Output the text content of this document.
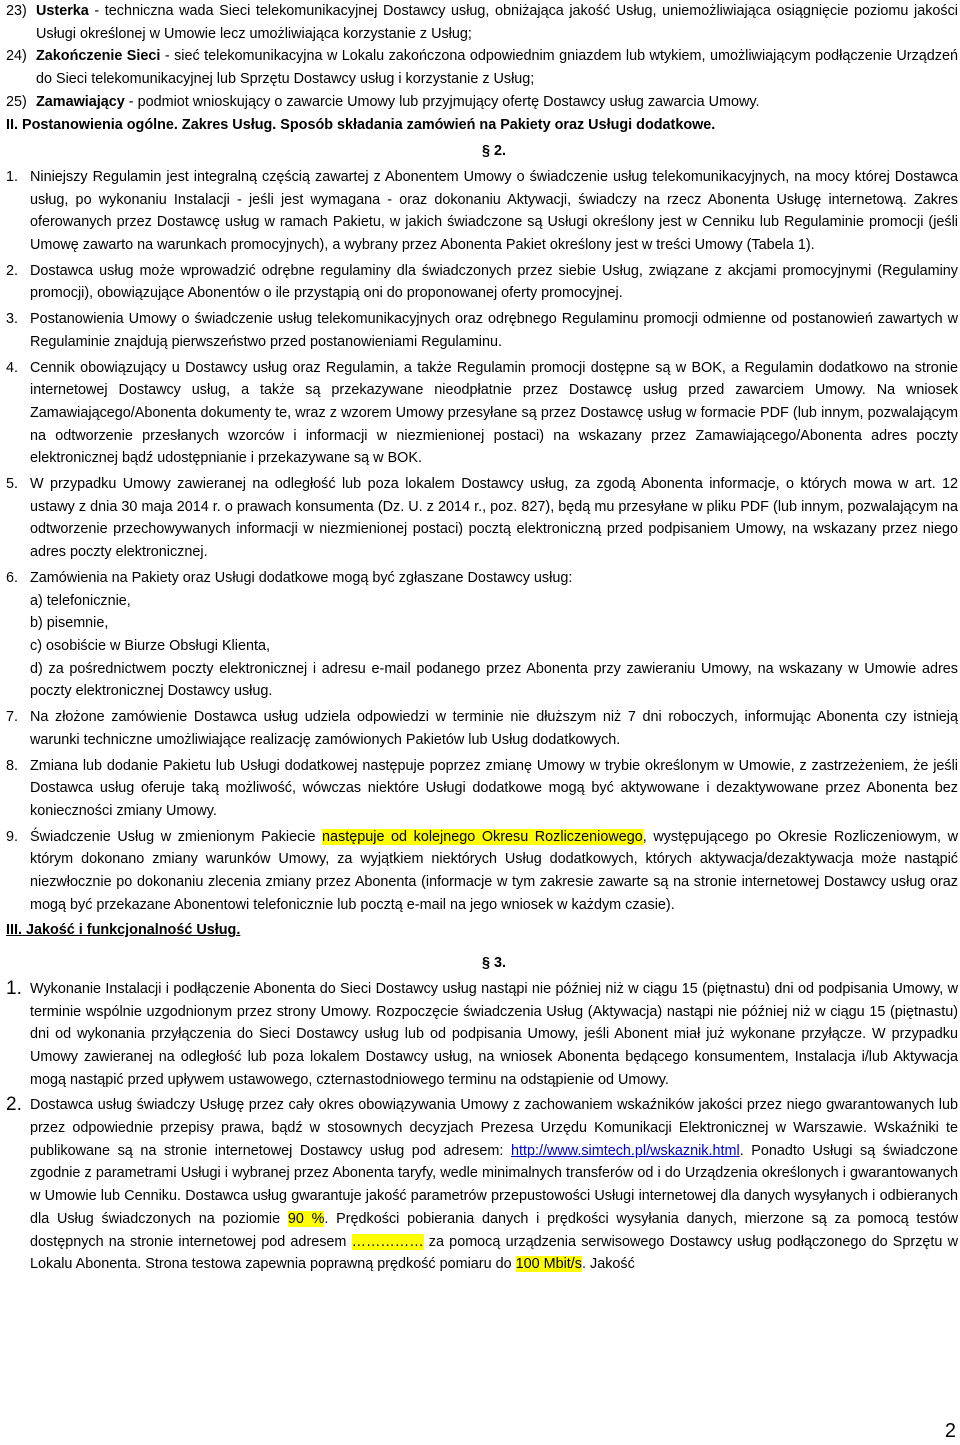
23) Usterka - techniczna wada Sieci telekomunikacyjnej Dostawcy usług, obniżająca jakość Usług, uniemożliwiająca osiągnięcie poziomu jakości Usługi określonej w Umowie lecz umożliwiająca korzystanie z Usług;
24) Zakończenie Sieci - sieć telekomunikacyjna w Lokalu zakończona odpowiednim gniazdem lub wtykiem, umożliwiającym podłączenie Urządzeń do Sieci telekomunikacyjnej lub Sprzętu Dostawcy usług i korzystanie z Usług;
25) Zamawiający - podmiot wnioskujący o zawarcie Umowy lub przyjmujący ofertę Dostawcy usług zawarcia Umowy.
II. Postanowienia ogólne. Zakres Usług. Sposób składania zamówień na Pakiety oraz Usługi dodatkowe.
§ 2.
1. Niniejszy Regulamin jest integralną częścią zawartej z Abonentem Umowy o świadczenie usług telekomunikacyjnych, na mocy której Dostawca usług, po wykonaniu Instalacji - jeśli jest wymagana - oraz dokonaniu Aktywacji, świadczy na rzecz Abonenta Usługę internetową. Zakres oferowanych przez Dostawcę usług w ramach Pakietu, w jakich świadczone są Usługi określony jest w Cenniku lub Regulaminie promocji (jeśli Umowę zawarto na warunkach promocyjnych), a wybrany przez Abonenta Pakiet określony jest w treści Umowy (Tabela 1).
2. Dostawca usług może wprowadzić odrębne regulaminy dla świadczonych przez siebie Usług, związane z akcjami promocyjnymi (Regulaminy promocji), obowiązujące Abonentów o ile przystąpią oni do proponowanej oferty promocyjnej.
3. Postanowienia Umowy o świadczenie usług telekomunikacyjnych oraz odrębnego Regulaminu promocji odmienne od postanowień zawartych w Regulaminie znajdują pierwszeństwo przed postanowieniami Regulaminu.
4. Cennik obowiązujący u Dostawcy usług oraz Regulamin, a także Regulamin promocji dostępne są w BOK, a Regulamin dodatkowo na stronie internetowej Dostawcy usług, a także są przekazywane nieodpłatnie przez Dostawcę usług przed zawarciem Umowy. Na wniosek Zamawiającego/Abonenta dokumenty te, wraz z wzorem Umowy przesyłane są przez Dostawcę usług w formacie PDF (lub innym, pozwalającym na odtworzenie przesłanych wzorców i informacji w niezmienionej postaci) na wskazany przez Zamawiającego/Abonenta adres poczty elektronicznej bądź udostępnianie i przekazywane są w BOK.
5. W przypadku Umowy zawieranej na odległość lub poza lokalem Dostawcy usług, za zgodą Abonenta informacje, o których mowa w art. 12 ustawy z dnia 30 maja 2014 r. o prawach konsumenta (Dz. U. z 2014 r., poz. 827), będą mu przesyłane w pliku PDF (lub innym, pozwalającym na odtworzenie przechowywanych informacji w niezmienionej postaci) pocztą elektroniczną przed podpisaniem Umowy, na wskazany przez niego adres poczty elektronicznej.
6. Zamówienia na Pakiety oraz Usługi dodatkowe mogą być zgłaszane Dostawcy usług:
a) telefonicznie,
b) pisemnie,
c) osobiście w Biurze Obsługi Klienta,
d) za pośrednictwem poczty elektronicznej i adresu e-mail podanego przez Abonenta przy zawieraniu Umowy, na wskazany w Umowie adres poczty elektronicznej Dostawcy usług.
7. Na złożone zamówienie Dostawca usług udziela odpowiedzi w terminie nie dłuższym niż 7 dni roboczych, informując Abonenta czy istnieją warunki techniczne umożliwiające realizację zamówionych Pakietów lub Usług dodatkowych.
8. Zmiana lub dodanie Pakietu lub Usługi dodatkowej następuje poprzez zmianę Umowy w trybie określonym w Umowie, z zastrzeżeniem, że jeśli Dostawca usług oferuje taką możliwość, wówczas niektóre Usługi dodatkowe mogą być aktywowane i dezaktywowane przez Abonenta bez konieczności zmiany Umowy.
9. Świadczenie Usług w zmienionym Pakiecie następuje od kolejnego Okresu Rozliczeniowego, występującego po Okresie Rozliczeniowym, w którym dokonano zmiany warunków Umowy, za wyjątkiem niektórych Usług dodatkowych, których aktywacja/dezaktywacja może nastąpić niezwłocznie po dokonaniu zlecenia zmiany przez Abonenta (informacje w tym zakresie zawarte są na stronie internetowej Dostawcy usług oraz mogą być przekazane Abonentowi telefonicznie lub pocztą e-mail na jego wniosek w każdym czasie).
III. Jakość i funkcjonalność Usług.
§ 3.
1. Wykonanie Instalacji i podłączenie Abonenta do Sieci Dostawcy usług nastąpi nie później niż w ciągu 15 (piętnastu) dni od podpisania Umowy, w terminie wspólnie uzgodnionym przez strony Umowy. Rozpoczęcie świadczenia Usług (Aktywacja) nastąpi nie później niż w ciągu 15 (piętnastu) dni od wykonania przyłączenia do Sieci Dostawcy usług lub od podpisania Umowy, jeśli Abonent miał już wykonane przyłącze. W przypadku Umowy zawieranej na odległość lub poza lokalem Dostawcy usług, na wniosek Abonenta będącego konsumentem, Instalacja i/lub Aktywacja mogą nastąpić przed upływem ustawowego, czternastodniowego terminu na odstąpienie od Umowy.
2. Dostawca usług świadczy Usługę przez cały okres obowiązywania Umowy z zachowaniem wskaźników jakości przez niego gwarantowanych lub przez odpowiednie przepisy prawa, bądź w stosownych decyzjach Prezesa Urzędu Komunikacji Elektronicznej w Warszawie. Wskaźniki te publikowane są na stronie internetowej Dostawcy usług pod adresem: http://www.simtech.pl/wskaznik.html. Ponadto Usługi są świadczone zgodnie z parametrami Usługi i wybranej przez Abonenta taryfy, wedle minimalnych transferów od i do Urządzenia określonych i gwarantowanych w Umowie lub Cenniku. Dostawca usług gwarantuje jakość parametrów przepustowości Usługi internetowej dla danych wysyłanych i odbieranych dla Usług świadczonych na poziomie 90 %. Prędkości pobierania danych i prędkości wysyłania danych, mierzone są za pomocą testów dostępnych na stronie internetowej pod adresem …………… za pomocą urządzenia serwisowego Dostawcy usług podłączonego do Sprzętu w Lokalu Abonenta. Strona testowa zapewnia poprawną prędkość pomiaru do 100 Mbit/s. Jakość
2
